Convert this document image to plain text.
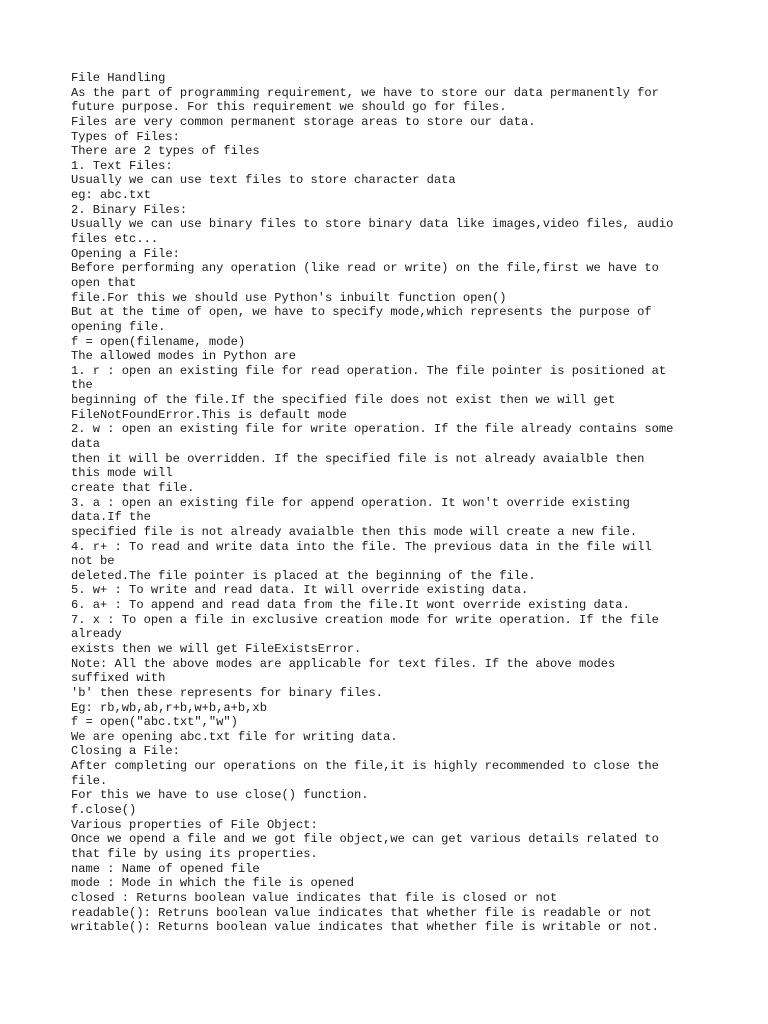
File Handling
As the part of programming requirement, we have to store our data permanently for
future purpose. For this requirement we should go for files.
Files are very common permanent storage areas to store our data.
Types of Files:
There are 2 types of files
1. Text Files:
Usually we can use text files to store character data
eg: abc.txt
2. Binary Files:
Usually we can use binary files to store binary data like images,video files, audio
files etc...
Opening a File:
Before performing any operation (like read or write) on the file,first we have to
open that
file.For this we should use Python's inbuilt function open()
But at the time of open, we have to specify mode,which represents the purpose of
opening file.
f = open(filename, mode)
The allowed modes in Python are
1. r : open an existing file for read operation. The file pointer is positioned at
the
beginning of the file.If the specified file does not exist then we will get
FileNotFoundError.This is default mode
2. w : open an existing file for write operation. If the file already contains some
data
then it will be overridden. If the specified file is not already avaialble then
this mode will
create that file.
3. a : open an existing file for append operation. It won't override existing
data.If the
specified file is not already avaialble then this mode will create a new file.
4. r+ : To read and write data into the file. The previous data in the file will
not be
deleted.The file pointer is placed at the beginning of the file.
5. w+ : To write and read data. It will override existing data.
6. a+ : To append and read data from the file.It wont override existing data.
7. x : To open a file in exclusive creation mode for write operation. If the file
already
exists then we will get FileExistsError.
Note: All the above modes are applicable for text files. If the above modes
suffixed with
'b' then these represents for binary files.
Eg: rb,wb,ab,r+b,w+b,a+b,xb
f = open("abc.txt","w")
We are opening abc.txt file for writing data.
Closing a File:
After completing our operations on the file,it is highly recommended to close the
file.
For this we have to use close() function.
f.close()
Various properties of File Object:
Once we opend a file and we got file object,we can get various details related to
that file by using its properties.
name : Name of opened file
mode : Mode in which the file is opened
closed : Returns boolean value indicates that file is closed or not
readable(): Retruns boolean value indicates that whether file is readable or not
writable(): Returns boolean value indicates that whether file is writable or not.
